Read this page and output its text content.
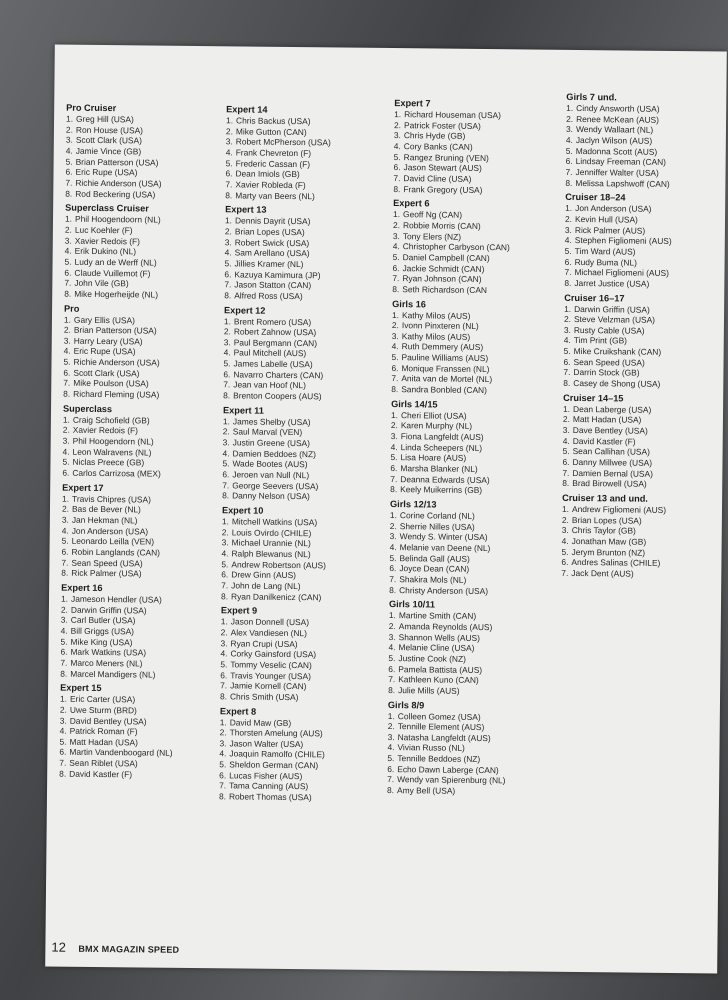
Pro Cruiser
1. Greg Hill (USA)
2. Ron House (USA)
3. Scott Clark (USA)
4. Jamie Vince (GB)
5. Brian Patterson (USA)
6. Eric Rupe (USA)
7. Richie Anderson (USA)
8. Rod Beckering (USA)
Superclass Cruiser
1. Phil Hoogendoorn (NL)
2. Luc Koehler (F)
3. Xavier Redois (F)
4. Erik Dukino (NL)
5. Ludy an de Werff (NL)
6. Claude Vuillemot (F)
7. John Vile (GB)
8. Mike Hogerheijde (NL)
Pro
1. Gary Ellis (USA)
2. Brian Patterson (USA)
3. Harry Leary (USA)
4. Eric Rupe (USA)
5. Richie Anderson (USA)
6. Scott Clark (USA)
7. Mike Poulson (USA)
8. Richard Fleming (USA)
Superclass
1. Craig Schofield (GB)
2. Xavier Redois (F)
3. Phil Hoogendorn (NL)
4. Leon Walravens (NL)
5. Niclas Preece (GB)
6. Carlos Carrizosa (MEX)
Expert 17
1. Travis Chipres (USA)
2. Bas de Bever (NL)
3. Jan Hekman (NL)
4. Jon Anderson (USA)
5. Leonardo Leilla (VEN)
6. Robin Langlands (CAN)
7. Sean Speed (USA)
8. Rick Palmer (USA)
Expert 16
1. Jameson Hendler (USA)
2. Darwin Griffin (USA)
3. Carl Butler (USA)
4. Bill Griggs (USA)
5. Mike King (USA)
6. Mark Watkins (USA)
7. Marco Meners (NL)
8. Marcel Mandigers (NL)
Expert 15
1. Eric Carter (USA)
2. Uwe Sturm (BRD)
3. David Bentley (USA)
4. Patrick Roman (F)
5. Matt Hadan (USA)
6. Martin Vandenboogard (NL)
7. Sean Riblet (USA)
8. David Kastler (F)
Expert 14
1. Chris Backus (USA)
2. Mike Gutton (CAN)
3. Robert McPherson (USA)
4. Frank Chevreton (F)
5. Frederic Cassan (F)
6. Dean Imiols (GB)
7. Xavier Robleda (F)
8. Marty van Beers (NL)
Expert 13
1. Dennis Dayrit (USA)
2. Brian Lopes (USA)
3. Robert Swick (USA)
4. Sam Arellano (USA)
5. Jillies Kramer (NL)
6. Kazuya Kamimura (JP)
7. Jason Statton (CAN)
8. Alfred Ross (USA)
Expert 12
1. Brent Romero (USA)
2. Robert Zahnow (USA)
3. Paul Bergmann (CAN)
4. Paul Mitchell (AUS)
5. James Labelle (USA)
6. Navarro Charters (CAN)
7. Jean van Hoof (NL)
8. Brenton Coopers (AUS)
Expert 11
1. James Shelby (USA)
2. Saul Marval (VEN)
3. Justin Greene (USA)
4. Damien Beddoes (NZ)
5. Wade Bootes (AUS)
6. Jeroen van Null (NL)
7. George Seevers (USA)
8. Danny Nelson (USA)
Expert 10
1. Mitchell Watkins (USA)
2. Louis Ovirdo (CHILE)
3. Michael Urannie (NL)
4. Ralph Blewanus (NL)
5. Andrew Robertson (AUS)
6. Drew Ginn (AUS)
7. John de Lang (NL)
8. Ryan Danilkenicz (CAN)
Expert 9
1. Jason Donnell (USA)
2. Alex Vandiesen (NL)
3. Ryan Crupi (USA)
4. Corky Gainsford (USA)
5. Tommy Veselic (CAN)
6. Travis Younger (USA)
7. Jamie Kornell (CAN)
8. Chris Smith (USA)
Expert 8
1. David Maw (GB)
2. Thorsten Amelung (AUS)
3. Jason Walter (USA)
4. Joaquin Ramolfo (CHILE)
5. Sheldon German (CAN)
6. Lucas Fisher (AUS)
7. Tama Canning (AUS)
8. Robert Thomas (USA)
Expert 7
1. Richard Houseman (USA)
2. Patrick Foster (USA)
3. Chris Hyde (GB)
4. Cory Banks (CAN)
5. Rangez Bruning (VEN)
6. Jason Stewart (AUS)
7. David Cline (USA)
8. Frank Gregory (USA)
Expert 6
1. Geoff Ng (CAN)
2. Robbie Morris (CAN)
3. Tony Elers (NZ)
4. Christopher Carbyson (CAN)
5. Daniel Campbell (CAN)
6. Jackie Schmidt (CAN)
7. Ryan Johnson (CAN)
8. Seth Richardson (CAN
Girls 16
1. Kathy Milos (AUS)
2. Ivonn Pinxteren (NL)
3. Kathy Milos (AUS)
4. Ruth Demmery (AUS)
5. Pauline Williams (AUS)
6. Monique Franssen (NL)
7. Anita van de Mortel (NL)
8. Sandra Bonbled (CAN)
Girls 14/15
1. Cheri Elliot (USA)
2. Karen Murphy (NL)
3. Fiona Langfeldt (AUS)
4. Linda Scheepers (NL)
5. Lisa Hoare (AUS)
6. Marsha Blanker (NL)
7. Deanna Edwards (USA)
8. Keely Muikerrins (GB)
Girls 12/13
1. Corine Corland (NL)
2. Sherrie Nilles (USA)
3. Wendy S. Winter (USA)
4. Melanie van Deene (NL)
5. Belinda Gall (AUS)
6. Joyce Dean (CAN)
7. Shakira Mols (NL)
8. Christy Anderson (USA)
Girls 10/11
1. Martine Smith (CAN)
2. Amanda Reynolds (AUS)
3. Shannon Wells (AUS)
4. Melanie Cline (USA)
5. Justine Cook (NZ)
6. Pamela Battista (AUS)
7. Kathleen Kuno (CAN)
8. Julie Mills (AUS)
Girls 8/9
1. Colleen Gomez (USA)
2. Tennille Element (AUS)
3. Natasha Langfeldt (AUS)
4. Vivian Russo (NL)
5. Tennille Beddoes (NZ)
6. Echo Dawn Laberge (CAN)
7. Wendy van Spierenburg (NL)
8. Amy Bell (USA)
Girls 7 und.
1. Cindy Answorth (USA)
2. Renee McKean (AUS)
3. Wendy Wallaart (NL)
4. Jaclyn Wilson (AUS)
5. Madonna Scott (AUS)
6. Lindsay Freeman (CAN)
7. Jenniffer Walter (USA)
8. Melissa Lapshwoff (CAN)
Cruiser 18–24
1. Jon Anderson (USA)
2. Kevin Hull (USA)
3. Rick Palmer (AUS)
4. Stephen Figliomeni (AUS)
5. Tim Ward (AUS)
6. Rudy Buma (NL)
7. Michael Figliomeni (AUS)
8. Jarret Justice (USA)
Cruiser 16–17
1. Darwin Griffin (USA)
2. Steve Velzman (USA)
3. Rusty Cable (USA)
4. Tim Print (GB)
5. Mike Cruikshank (CAN)
6. Sean Speed (USA)
7. Darrin Stock (GB)
8. Casey de Shong (USA)
Cruiser 14–15
1. Dean Laberge (USA)
2. Matt Hadan (USA)
3. Dave Bentley (USA)
4. David Kastler (F)
5. Sean Callihan (USA)
6. Danny Millwee (USA)
7. Damien Bernal (USA)
8. Brad Birowell (USA)
Cruiser 13 and und.
1. Andrew Figliomeni (AUS)
2. Brian Lopes (USA)
3. Chris Taylor (GB)
4. Jonathan Maw (GB)
5. Jerym Brunton (NZ)
6. Andres Salinas (CHILE)
7. Jack Dent (AUS)
12 BMX MAGAZIN SPEED
